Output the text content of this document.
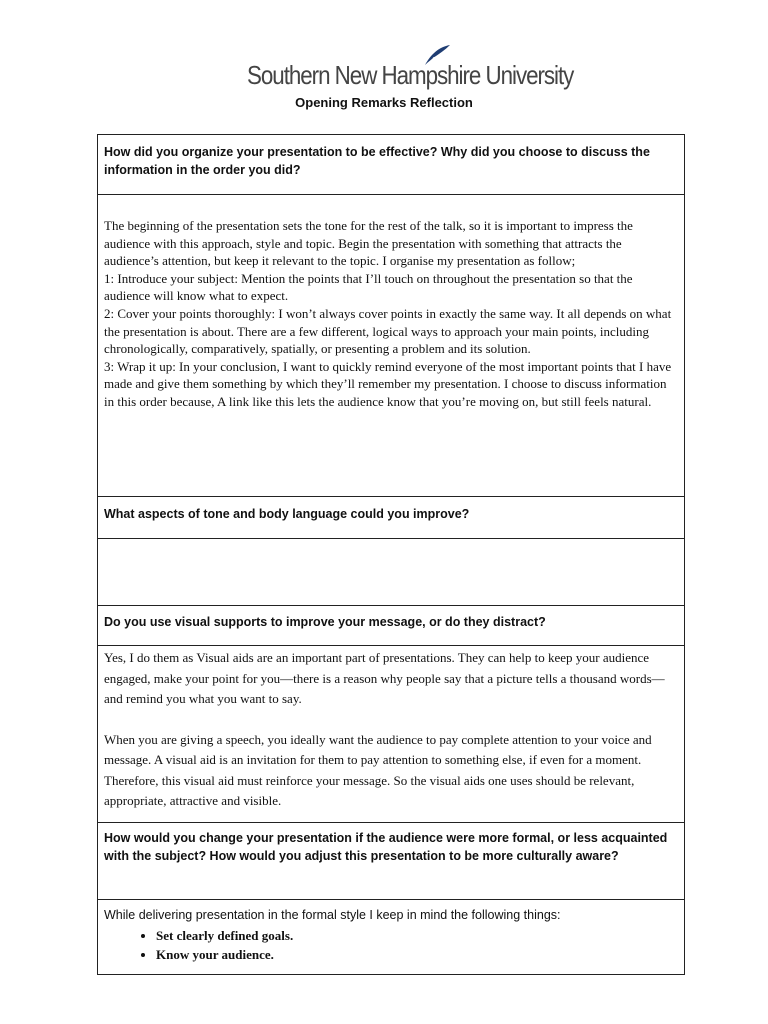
Southern New Hampshire University
Opening Remarks Reflection
How did you organize your presentation to be effective? Why did you choose to discuss the information in the order you did?

The beginning of the presentation sets the tone for the rest of the talk, so it is important to impress the audience with this approach, style and topic. Begin the presentation with something that attracts the audience’s attention, but keep it relevant to the topic. I organise my presentation as follow;

1: Introduce your subject: Mention the points that I’ll touch on throughout the presentation so that the audience will know what to expect.

2: Cover your points thoroughly: I won’t always cover points in exactly the same way. It all depends on what the presentation is about. There are a few different, logical ways to approach your main points, including chronologically, comparatively, spatially, or presenting a problem and its solution.

3: Wrap it up: In your conclusion, I want to quickly remind everyone of the most important points that I have made and give them something by which they’ll remember my presentation. I choose to discuss information in this order because, A link like this lets the audience know that you’re moving on, but still feels natural.

What aspects of tone and body language could you improve?

Do you use visual supports to improve your message, or do they distract?

Yes, I do them as Visual aids are an important part of presentations. They can help to keep your audience engaged, make your point for you—there is a reason why people say that a picture tells a thousand words—and remind you what you want to say.

When you are giving a speech, you ideally want the audience to pay complete attention to your voice and message. A visual aid is an invitation for them to pay attention to something else, if even for a moment. Therefore, this visual aid must reinforce your message. So the visual aids one uses should be relevant, appropriate, attractive and visible.

How would you change your presentation if the audience were more formal, or less acquainted with the subject? How would you adjust this presentation to be more culturally aware?

While delivering presentation in the formal style I keep in mind the following things:
• Set clearly defined goals.
• Know your audience.
